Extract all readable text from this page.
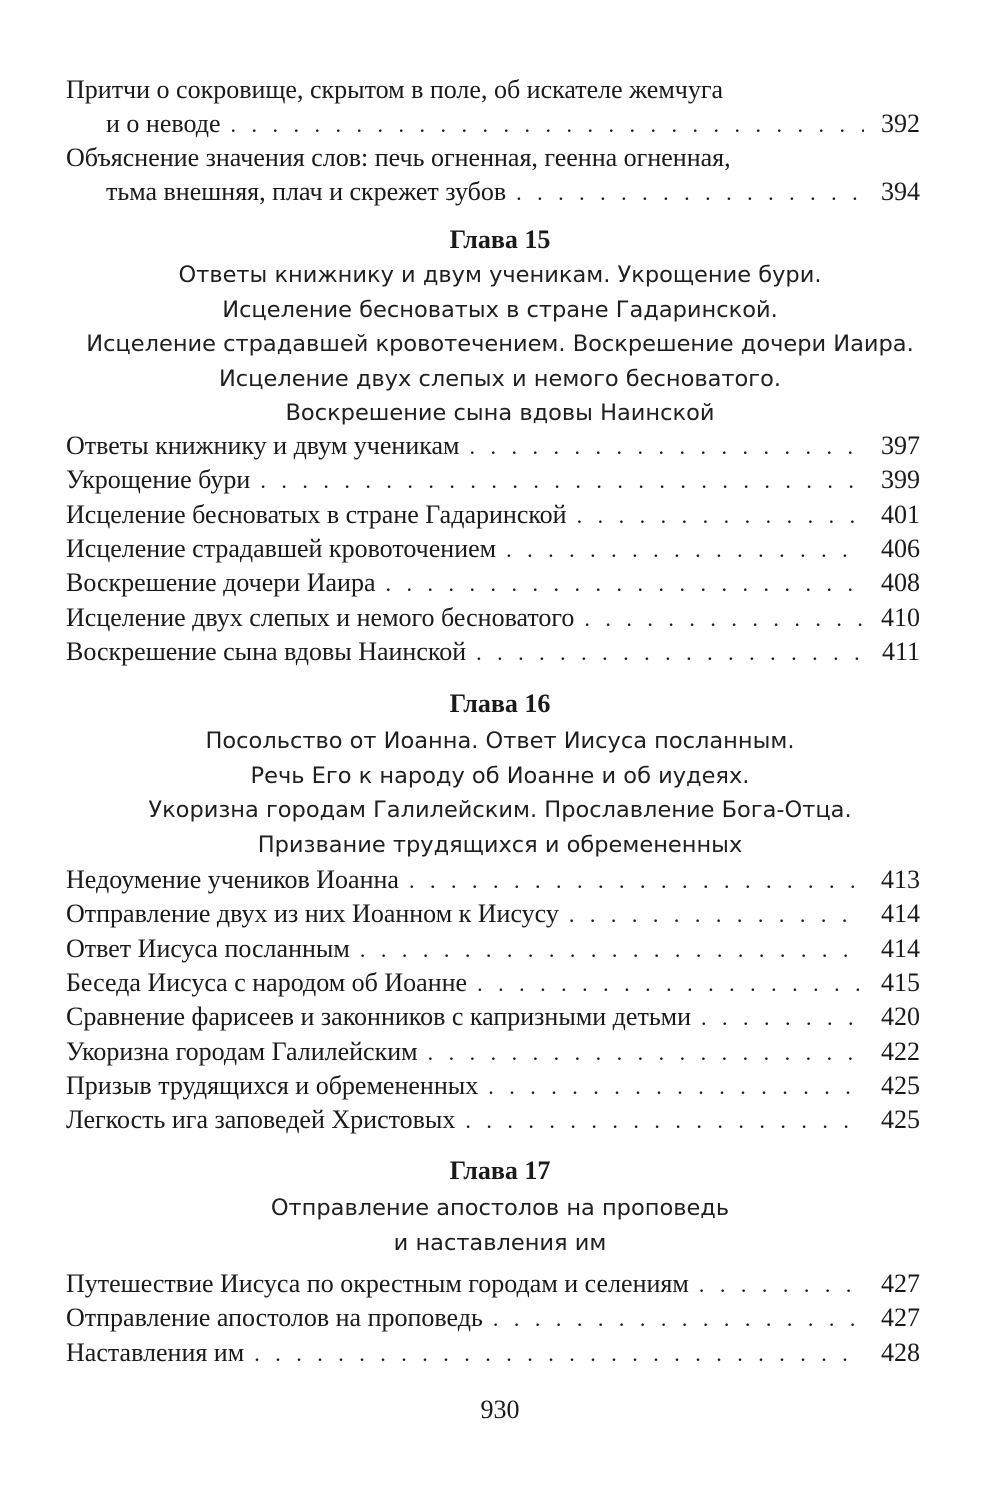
Притчи о сокровище, скрытом в поле, об искателе жемчуга
и о неводе . . .	392
Объяснение значения слов: печь огненная, геенна огненная,
тьма внешняя, плач и скрежет зубов . . .	394
Глава 15
Ответы книжнику и двум ученикам. Укрощение бури.
Исцеление бесноватых в стране Гадаринской.
Исцеление страдавшей кровотечением. Воскрешение дочери Иаира.
Исцеление двух слепых и немого бесноватого.
Воскрешение сына вдовы Наинской
Ответы книжнику и двум ученикам . . .	397
Укрощение бури . . .	399
Исцеление бесноватых в стране Гадаринской . . .	401
Исцеление страдавшей кровоточением . . .	406
Воскрешение дочери Иаира . . .	408
Исцеление двух слепых и немого бесноватого . . .	410
Воскрешение сына вдовы Наинской . . .	411
Глава 16
Посольство от Иоанна. Ответ Иисуса посланным.
Речь Его к народу об Иоанне и об иудеях.
Укоризна городам Галилейским. Прославление Бога-Отца.
Призвание трудящихся и обремененных
Недоумение учеников Иоанна . . .	413
Отправление двух из них Иоанном к Иисусу . . .	414
Ответ Иисуса посланным . . .	414
Беседа Иисуса с народом об Иоанне . . .	415
Сравнение фарисеев и законников с капризными детьми . . .	420
Укоризна городам Галилейским . . .	422
Призыв трудящихся и обремененных . . .	425
Легкость ига заповедей Христовых . . .	425
Глава 17
Отправление апостолов на проповедь
и наставления им
Путешествие Иисуса по окрестным городам и селениям . . .	427
Отправление апостолов на проповедь . . .	427
Наставления им . . .	428
930
